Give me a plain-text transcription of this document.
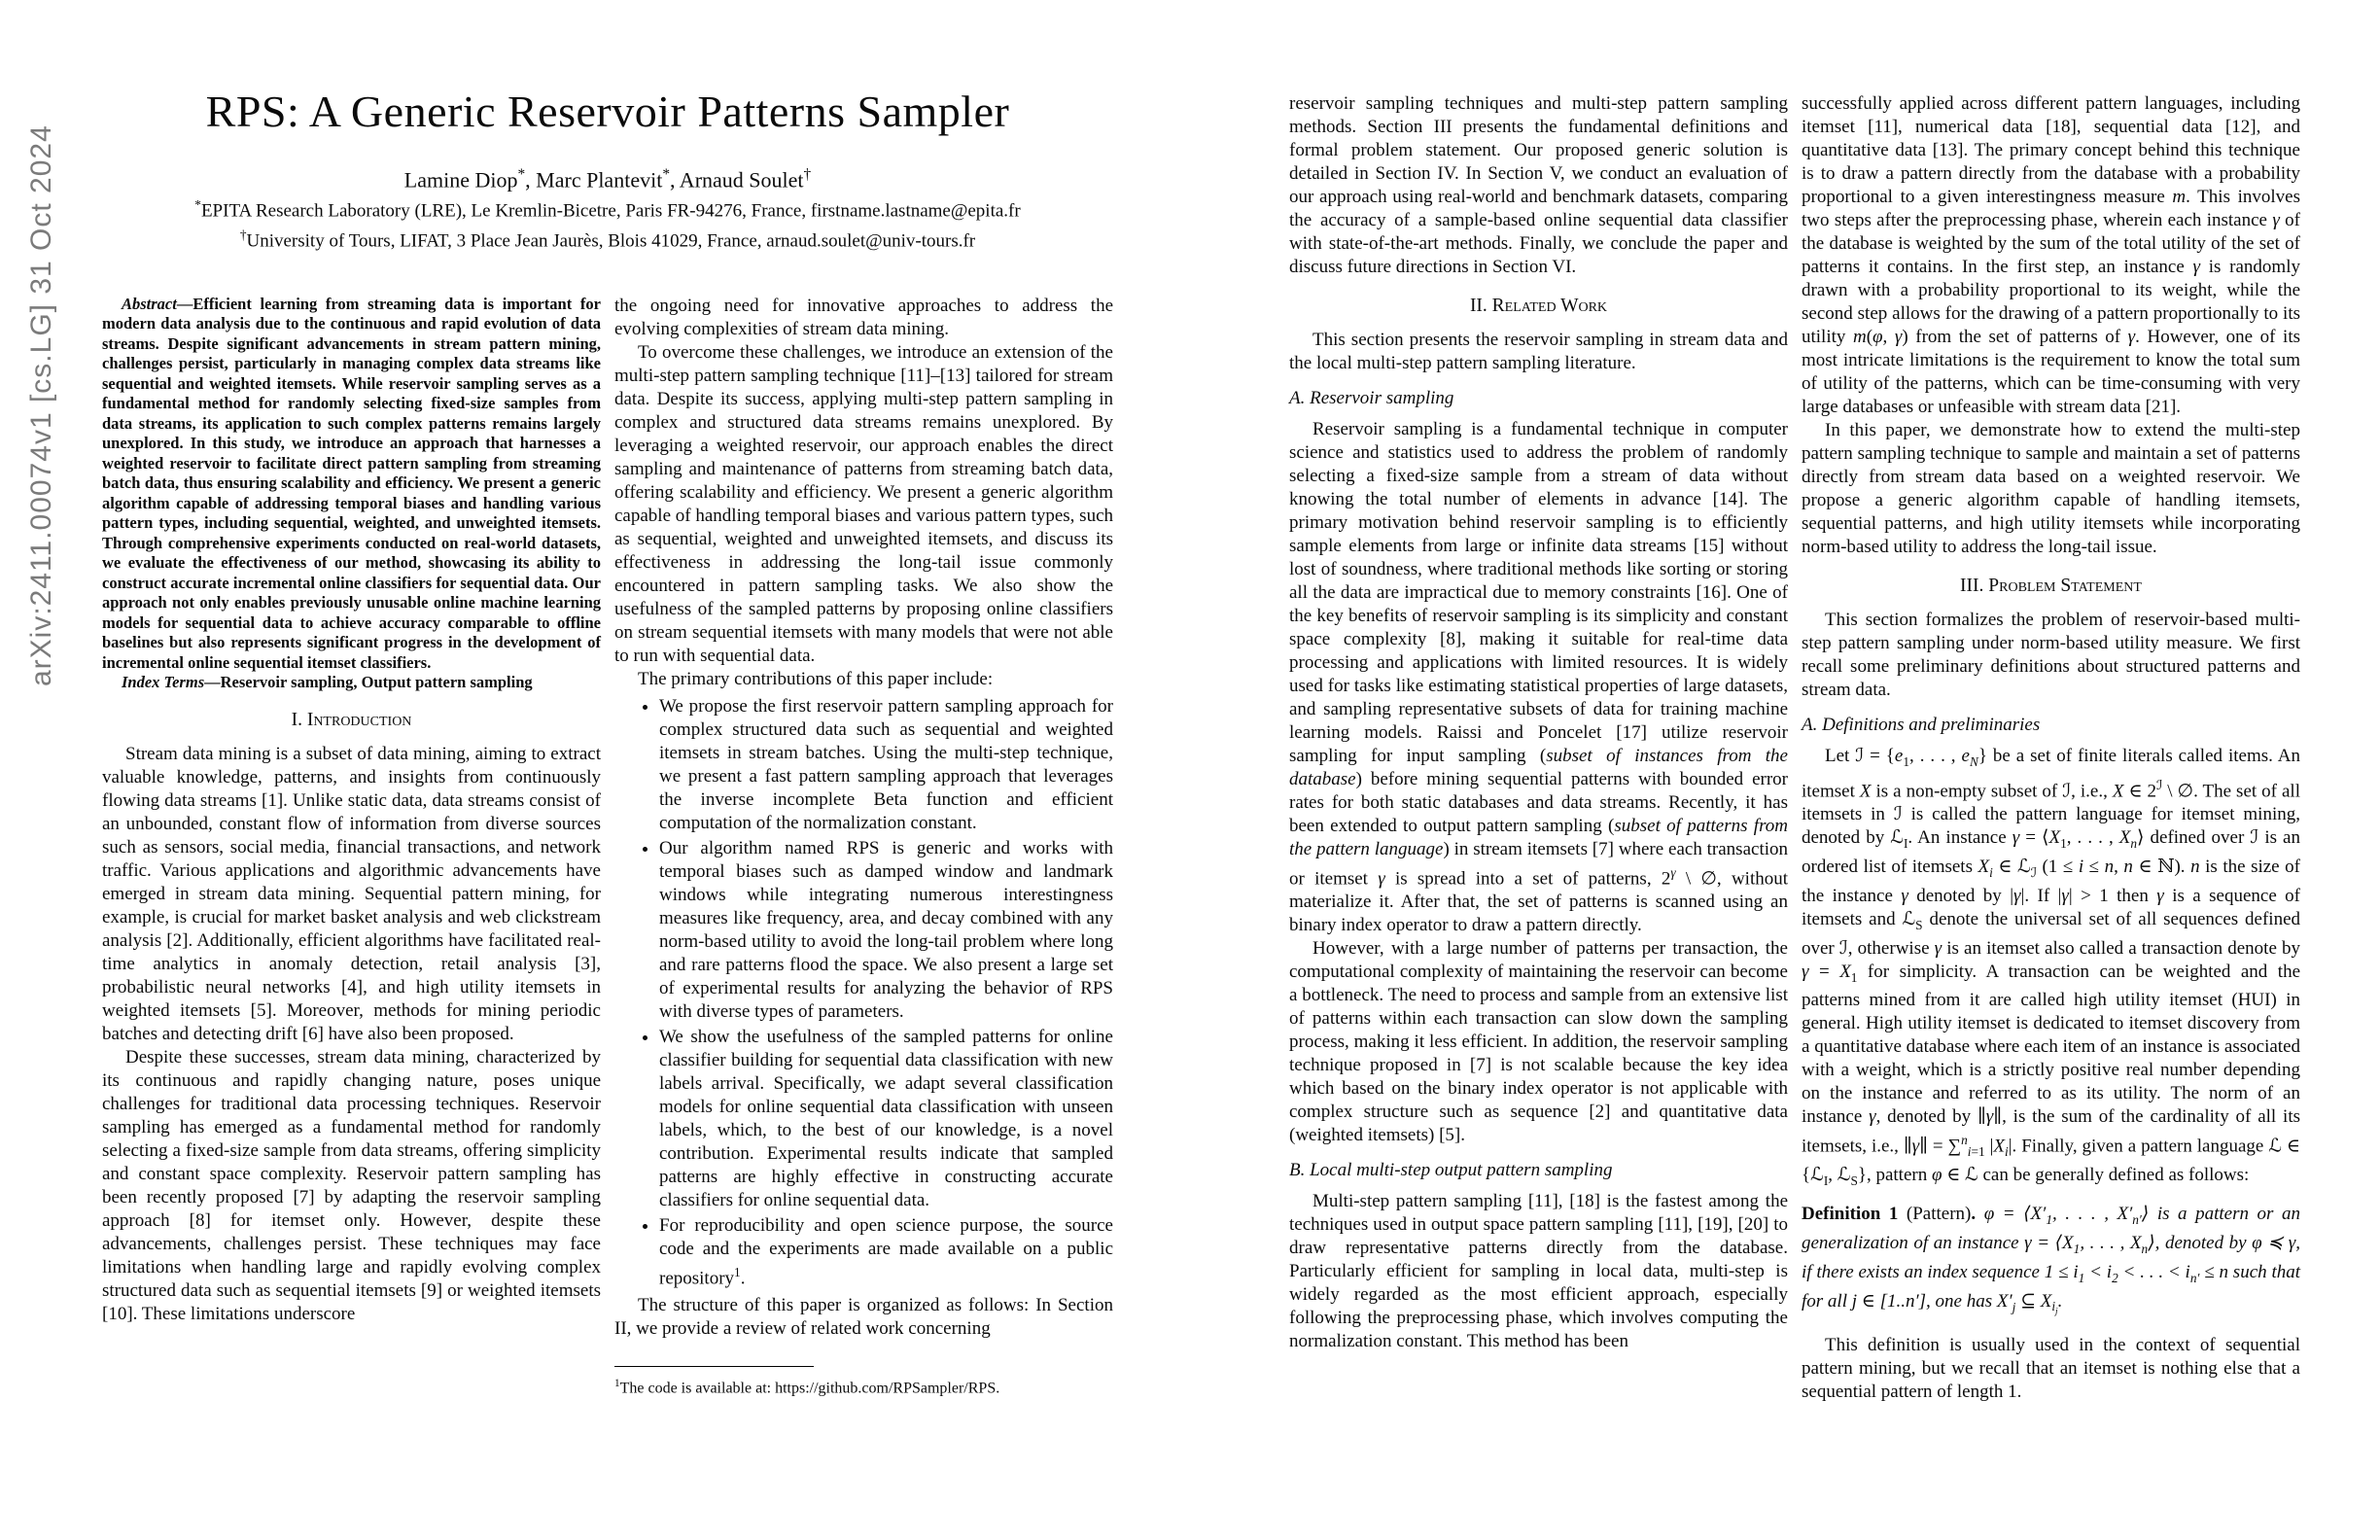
arXiv:2411.00074v1 [cs.LG] 31 Oct 2024
RPS: A Generic Reservoir Patterns Sampler
Lamine Diop*, Marc Plantevit*, Arnaud Soulet†
*EPITA Research Laboratory (LRE), Le Kremlin-Bicetre, Paris FR-94276, France, firstname.lastname@epita.fr
†University of Tours, LIFAT, 3 Place Jean Jaurès, Blois 41029, France, arnaud.soulet@univ-tours.fr

Abstract—Efficient learning from streaming data is important for modern data analysis due to the continuous and rapid evolution of data streams. Despite significant advancements in stream pattern mining, challenges persist, particularly in managing complex data streams like sequential and weighted itemsets. While reservoir sampling serves as a fundamental method for randomly selecting fixed-size samples from data streams, its application to such complex patterns remains largely unexplored. In this study, we introduce an approach that harnesses a weighted reservoir to facilitate direct pattern sampling from streaming batch data, thus ensuring scalability and efficiency. We present a generic algorithm capable of addressing temporal biases and handling various pattern types, including sequential, weighted, and unweighted itemsets. Through comprehensive experiments conducted on real-world datasets, we evaluate the effectiveness of our method, showcasing its ability to construct accurate incremental online classifiers for sequential data. Our approach not only enables previously unusable online machine learning models for sequential data to achieve accuracy comparable to offline baselines but also represents significant progress in the development of incremental online sequential itemset classifiers.

Index Terms—Reservoir sampling, Output pattern sampling

I. Introduction

Stream data mining is a subset of data mining, aiming to extract valuable knowledge, patterns, and insights from continuously flowing data streams [1]. Unlike static data, data streams consist of an unbounded, constant flow of information from diverse sources such as sensors, social media, financial transactions, and network traffic. Various applications and algorithmic advancements have emerged in stream data mining. Sequential pattern mining, for example, is crucial for market basket analysis and web clickstream analysis [2]. Additionally, efficient algorithms have facilitated real-time analytics in anomaly detection, retail analysis [3], probabilistic neural networks [4], and high utility itemsets in weighted itemsets [5]. Moreover, methods for mining periodic batches and detecting drift [6] have also been proposed.

Despite these successes, stream data mining, characterized by its continuous and rapidly changing nature, poses unique challenges for traditional data processing techniques. Reservoir sampling has emerged as a fundamental method for randomly selecting a fixed-size sample from data streams, offering simplicity and constant space complexity. Reservoir pattern sampling has been recently proposed [7] by adapting the reservoir sampling approach [8] for itemset only. However, despite these advancements, challenges persist. These techniques may face limitations when handling large and rapidly evolving complex structured data such as sequential itemsets [9] or weighted itemsets [10]. These limitations underscore

the ongoing need for innovative approaches to address the evolving complexities of stream data mining.

To overcome these challenges, we introduce an extension of the multi-step pattern sampling technique [11]–[13] tailored for stream data. Despite its success, applying multi-step pattern sampling in complex and structured data streams remains unexplored. By leveraging a weighted reservoir, our approach enables the direct sampling and maintenance of patterns from streaming batch data, offering scalability and efficiency. We present a generic algorithm capable of handling temporal biases and various pattern types, such as sequential, weighted and unweighted itemsets, and discuss its effectiveness in addressing the long-tail issue commonly encountered in pattern sampling tasks. We also show the usefulness of the sampled patterns by proposing online classifiers on stream sequential itemsets with many models that were not able to run with sequential data.

The primary contributions of this paper include:

• We propose the first reservoir pattern sampling approach for complex structured data such as sequential and weighted itemsets in stream batches. Using the multi-step technique, we present a fast pattern sampling approach that leverages the inverse incomplete Beta function and efficient computation of the normalization constant.
• Our algorithm named RPS is generic and works with temporal biases such as damped window and landmark windows while integrating numerous interestingness measures like frequency, area, and decay combined with any norm-based utility to avoid the long-tail problem where long and rare patterns flood the space. We also present a large set of experimental results for analyzing the behavior of RPS with diverse types of parameters.
• We show the usefulness of the sampled patterns for online classifier building for sequential data classification with new labels arrival. Specifically, we adapt several classification models for online sequential data classification with unseen labels, which, to the best of our knowledge, is a novel contribution. Experimental results indicate that sampled patterns are highly effective in constructing accurate classifiers for online sequential data.
• For reproducibility and open science purpose, the source code and the experiments are made available on a public repository$^1$.

The structure of this paper is organized as follows: In Section II, we provide a review of related work concerning

$^1$The code is available at: https://github.com/RPSampler/RPS.

reservoir sampling techniques and multi-step pattern sampling methods. Section III presents the fundamental definitions and formal problem statement. Our proposed generic solution is detailed in Section IV. In Section V, we conduct an evaluation of our approach using real-world and benchmark datasets, comparing the accuracy of a sample-based online sequential data classifier with state-of-the-art methods. Finally, we conclude the paper and discuss future directions in Section VI.

II. Related Work

This section presents the reservoir sampling in stream data and the local multi-step pattern sampling literature.

A. Reservoir sampling

Reservoir sampling is a fundamental technique in computer science and statistics used to address the problem of randomly selecting a fixed-size sample from a stream of data without knowing the total number of elements in advance [14]. The primary motivation behind reservoir sampling is to efficiently sample elements from large or infinite data streams [15] without lost of soundness, where traditional methods like sorting or storing all the data are impractical due to memory constraints [16]. One of the key benefits of reservoir sampling is its simplicity and constant space complexity [8], making it suitable for real-time data processing and applications with limited resources. It is widely used for tasks like estimating statistical properties of large datasets, and sampling representative subsets of data for training machine learning models. Raissi and Poncelet [17] utilize reservoir sampling for input sampling (subset of instances from the database) before mining sequential patterns with bounded error rates for both static databases and data streams. Recently, it has been extended to output pattern sampling (subset of patterns from the pattern language) in stream itemsets [7] where each transaction or itemset γ is spread into a set of patterns, $2^\gamma$ \ ∅, without materialize it. After that, the set of patterns is scanned using an binary index operator to draw a pattern directly.

However, with a large number of patterns per transaction, the computational complexity of maintaining the reservoir can become a bottleneck. The need to process and sample from an extensive list of patterns within each transaction can slow down the sampling process, making it less efficient. In addition, the reservoir sampling technique proposed in [7] is not scalable because the key idea which based on the binary index operator is not applicable with complex structure such as sequence [2] and quantitative data (weighted itemsets) [5].

B. Local multi-step output pattern sampling

Multi-step pattern sampling [11], [18] is the fastest among the techniques used in output space pattern sampling [11], [19], [20] to draw representative patterns directly from the database. Particularly efficient for sampling in local data, multi-step is widely regarded as the most efficient approach, especially following the preprocessing phase, which involves computing the normalization constant. This method has been

successfully applied across different pattern languages, including itemset [11], numerical data [18], sequential data [12], and quantitative data [13]. The primary concept behind this technique is to draw a pattern directly from the database with a probability proportional to a given interestingness measure m. This involves two steps after the preprocessing phase, wherein each instance γ of the database is weighted by the sum of the total utility of the set of patterns it contains. In the first step, an instance γ is randomly drawn with a probability proportional to its weight, while the second step allows for the drawing of a pattern proportionally to its utility m(φ, γ) from the set of patterns of γ. However, one of its most intricate limitations is the requirement to know the total sum of utility of the patterns, which can be time-consuming with very large databases or unfeasible with stream data [21].

In this paper, we demonstrate how to extend the multi-step pattern sampling technique to sample and maintain a set of patterns directly from stream data based on a weighted reservoir. We propose a generic algorithm capable of handling itemsets, sequential patterns, and high utility itemsets while incorporating norm-based utility to address the long-tail issue.

III. Problem Statement

This section formalizes the problem of reservoir-based multi-step pattern sampling under norm-based utility measure. We first recall some preliminary definitions about structured patterns and stream data.

A. Definitions and preliminaries

Let ℐ = {$e_1$, . . . , $e_N$} be a set of finite literals called items. An itemset X is a non-empty subset of ℐ, i.e., X ∈ $2^ℐ$ \ ∅. The set of all itemsets in ℐ is called the pattern language for itemset mining, denoted by ℒ$_I$. An instance $\gamma = ⟨X_1$, . . . , $X_n⟩$ defined over ℐ is an ordered list of itemsets $X_i$ ∈ ℒ$_ℐ$ (1 ≤ i ≤ n, n ∈ ℕ). n is the size of the instance γ denoted by |γ|. If |γ| > 1 then γ is a sequence of itemsets and ℒ$_S$ denote the universal set of all sequences defined over ℐ, otherwise γ is an itemset also called a transaction denote by $\gamma = X_1$ for simplicity. A transaction can be weighted and the patterns mined from it are called high utility itemset (HUI) in general. High utility itemset is dedicated to itemset discovery from a quantitative database where each item of an instance is associated with a weight, which is a strictly positive real number depending on the instance and referred to as its utility. The norm of an instance γ, denoted by ∥γ∥, is the sum of the cardinality of all its itemsets, i.e., ∥γ∥ = ∑$^n_{i=1}$ $|X_i|$. Finally, given a pattern language ℒ ∈ {ℒ$_I$, ℒ$_S$}, pattern φ ∈ ℒ can be generally defined as follows:

Definition 1 (Pattern). $\varphi = ⟨X'_1$, . . . , $X'_{n'}⟩$ is a pattern or an generalization of an instance $\gamma = ⟨X_1$, . . . , $X_n⟩$, denoted by φ ≼ γ, if there exists an index sequence $1 \le i_1 < i_2$ < . . . < $i_{n'} \le n$ such that for all j ∈ [1..n′], one has $X'_j$ ⊆ $X_{i_j}$.

This definition is usually used in the context of sequential pattern mining, but we recall that an itemset is nothing else that a sequential pattern of length 1.
